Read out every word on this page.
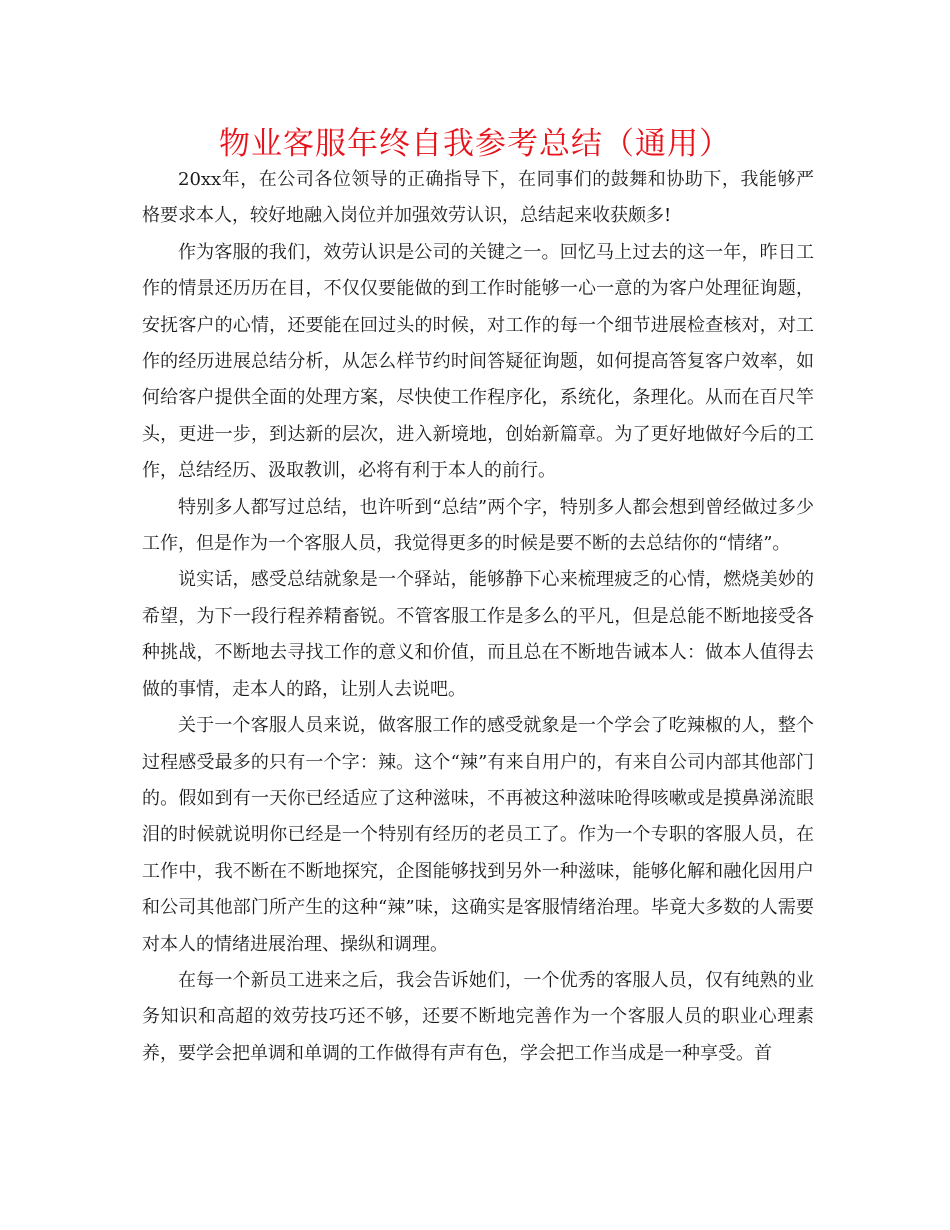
物业客服年终自我参考总结（通用）

20xx年，在公司各位领导的正确指导下，在同事们的鼓舞和协助下，我能够严格要求本人，较好地融入岗位并加强效劳认识，总结起来收获颇多!

作为客服的我们，效劳认识是公司的关键之一。回忆马上过去的这一年，昨日工作的情景还历历在目，不仅仅要能做的到工作时能够一心一意的为客户处理征询题，安抚客户的心情，还要能在回过头的时候，对工作的每一个细节进展检查核对，对工作的经历进展总结分析，从怎么样节约时间答疑征询题，如何提高答复客户效率，如何给客户提供全面的处理方案，尽快使工作程序化，系统化，条理化。从而在百尺竿头，更进一步，到达新的层次，进入新境地，创始新篇章。为了更好地做好今后的工作，总结经历、汲取教训，必将有利于本人的前行。

特别多人都写过总结，也许听到“总结”两个字，特别多人都会想到曾经做过多少工作，但是作为一个客服人员，我觉得更多的时候是要不断的去总结你的“情绪”。

说实话，感受总结就象是一个驿站，能够静下心来梳理疲乏的心情，燃烧美妙的希望，为下一段行程养精畜锐。不管客服工作是多么的平凡，但是总能不断地接受各种挑战，不断地去寻找工作的意义和价值，而且总在不断地告诫本人：做本人值得去做的事情，走本人的路，让别人去说吧。

关于一个客服人员来说，做客服工作的感受就象是一个学会了吃辣椒的人，整个过程感受最多的只有一个字：辣。这个“辣”有来自用户的，有来自公司内部其他部门的。假如到有一天你已经适应了这种滋味，不再被这种滋味呛得咳嗽或是摸鼻涕流眼泪的时候就说明你已经是一个特别有经历的老员工了。作为一个专职的客服人员，在工作中，我不断在不断地探究，企图能够找到另外一种滋味，能够化解和融化因用户和公司其他部门所产生的这种“辣”味，这确实是客服情绪治理。毕竟大多数的人需要对本人的情绪进展治理、操纵和调理。

在每一个新员工进来之后，我会告诉她们，一个优秀的客服人员，仅有纯熟的业务知识和高超的效劳技巧还不够，还要不断地完善作为一个客服人员的职业心理素养，要学会把单调和单调的工作做得有声有色，学会把工作当成是一种享受。首
